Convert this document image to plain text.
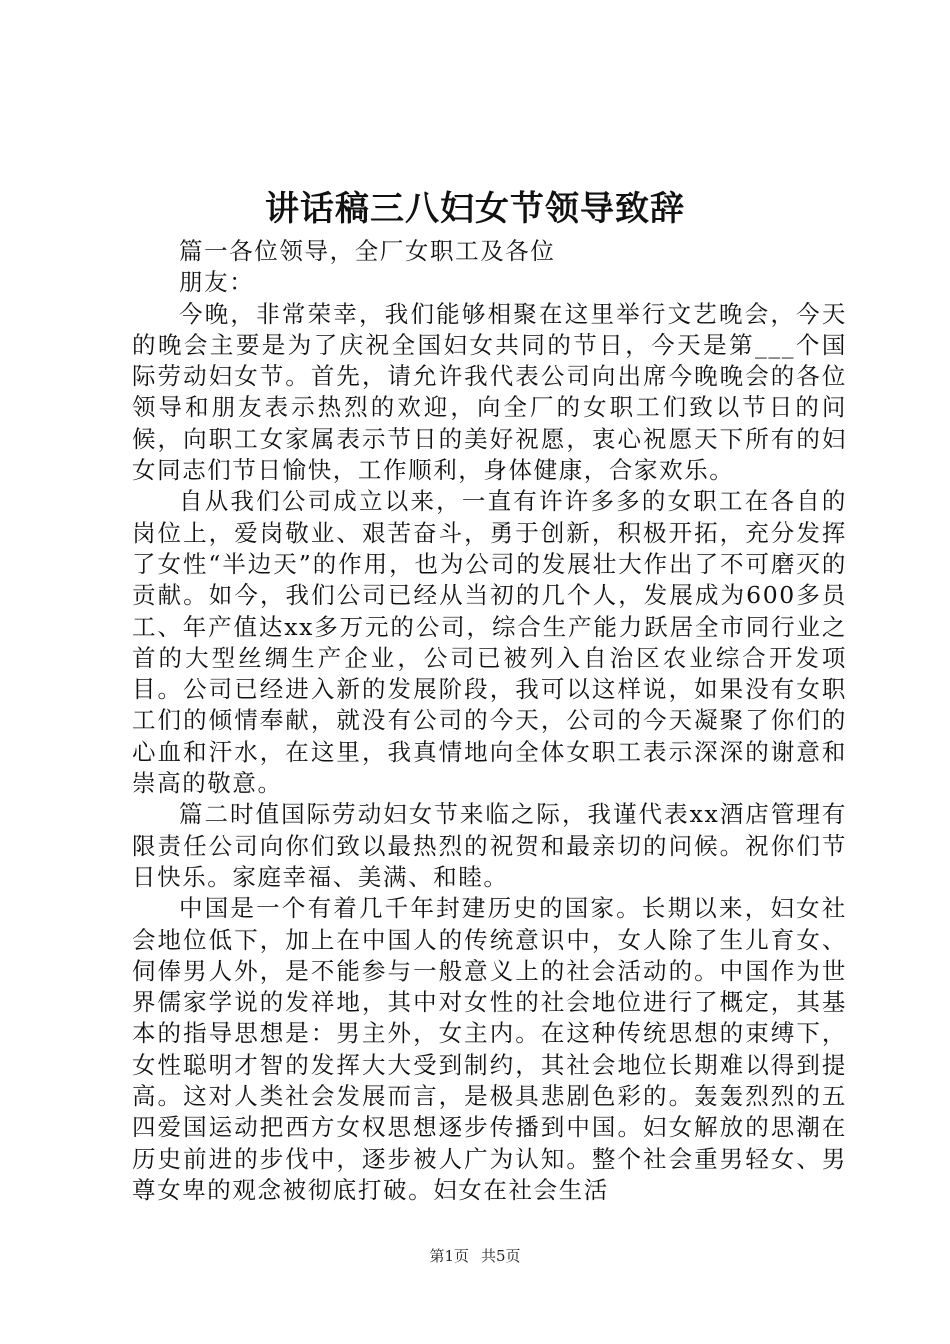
讲话稿三八妇女节领导致辞

篇一各位领导，全厂女职工及各位

朋友：

今晚，非常荣幸，我们能够相聚在这里举行文艺晚会，今天的晚会主要是为了庆祝全国妇女共同的节日，今天是第___个国际劳动妇女节。首先，请允许我代表公司向出席今晚晚会的各位领导和朋友表示热烈的欢迎，向全厂的女职工们致以节日的问候，向职工女家属表示节日的美好祝愿，衷心祝愿天下所有的妇女同志们节日愉快，工作顺利，身体健康，合家欢乐。

自从我们公司成立以来，一直有许许多多的女职工在各自的岗位上，爱岗敬业、艰苦奋斗，勇于创新，积极开拓，充分发挥了女性“半边天”的作用，也为公司的发展壮大作出了不可磨灭的贡献。如今，我们公司已经从当初的几个人，发展成为600多员工、年产值达xx多万元的公司，综合生产能力跃居全市同行业之首的大型丝绸生产企业，公司已被列入自治区农业综合开发项目。公司已经进入新的发展阶段，我可以这样说，如果没有女职工们的倾情奉献，就没有公司的今天，公司的今天凝聚了你们的心血和汗水，在这里，我真情地向全体女职工表示深深的谢意和崇高的敬意。

篇二时值国际劳动妇女节来临之际，我谨代表xx酒店管理有限责任公司向你们致以最热烈的祝贺和最亲切的问候。祝你们节日快乐。家庭幸福、美满、和睦。

中国是一个有着几千年封建历史的国家。长期以来，妇女社会地位低下，加上在中国人的传统意识中，女人除了生儿育女、伺俸男人外，是不能参与一般意义上的社会活动的。中国作为世界儒家学说的发祥地，其中对女性的社会地位进行了概定，其基本的指导思想是：男主外，女主内。在这种传统思想的束缚下，女性聪明才智的发挥大大受到制约，其社会地位长期难以得到提高。这对人类社会发展而言，是极具悲剧色彩的。轰轰烈烈的五四爱国运动把西方女权思想逐步传播到中国。妇女解放的思潮在历史前进的步伐中，逐步被人广为认知。整个社会重男轻女、男尊女卑的观念被彻底打破。妇女在社会生活

第1页 共5页
